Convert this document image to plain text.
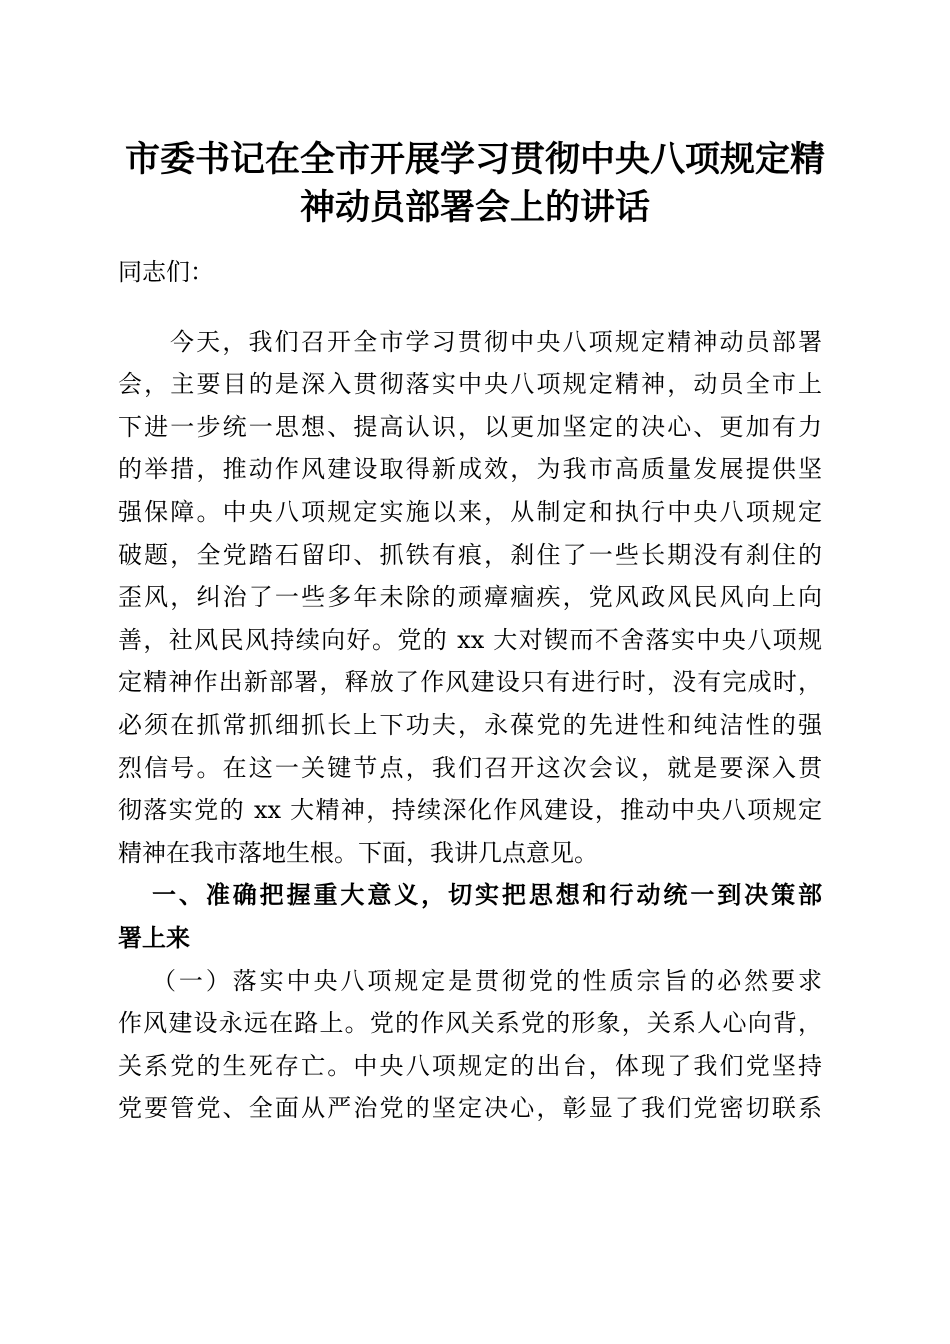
市委书记在全市开展学习贯彻中央八项规定精
神动员部署会上的讲话
同志们：
今天，我们召开全市学习贯彻中央八项规定精神动员部署
会，主要目的是深入贯彻落实中央八项规定精神，动员全市上
下进一步统一思想、提高认识，以更加坚定的决心、更加有力
的举措，推动作风建设取得新成效，为我市高质量发展提供坚
强保障。中央八项规定实施以来，从制定和执行中央八项规定
破题，全党踏石留印、抓铁有痕，刹住了一些长期没有刹住的
歪风，纠治了一些多年未除的顽瘴痼疾，党风政风民风向上向
善，社风民风持续向好。党的 xx 大对锲而不舍落实中央八项规
定精神作出新部署，释放了作风建设只有进行时，没有完成时，
必须在抓常抓细抓长上下功夫，永葆党的先进性和纯洁性的强
烈信号。在这一关键节点，我们召开这次会议，就是要深入贯
彻落实党的 xx 大精神，持续深化作风建设，推动中央八项规定
精神在我市落地生根。下面，我讲几点意见。
一、准确把握重大意义，切实把思想和行动统一到决策部
署上来
（一）落实中央八项规定是贯彻党的性质宗旨的必然要求
作风建设永远在路上。党的作风关系党的形象，关系人心向背，
关系党的生死存亡。中央八项规定的出台，体现了我们党坚持
党要管党、全面从严治党的坚定决心，彰显了我们党密切联系
